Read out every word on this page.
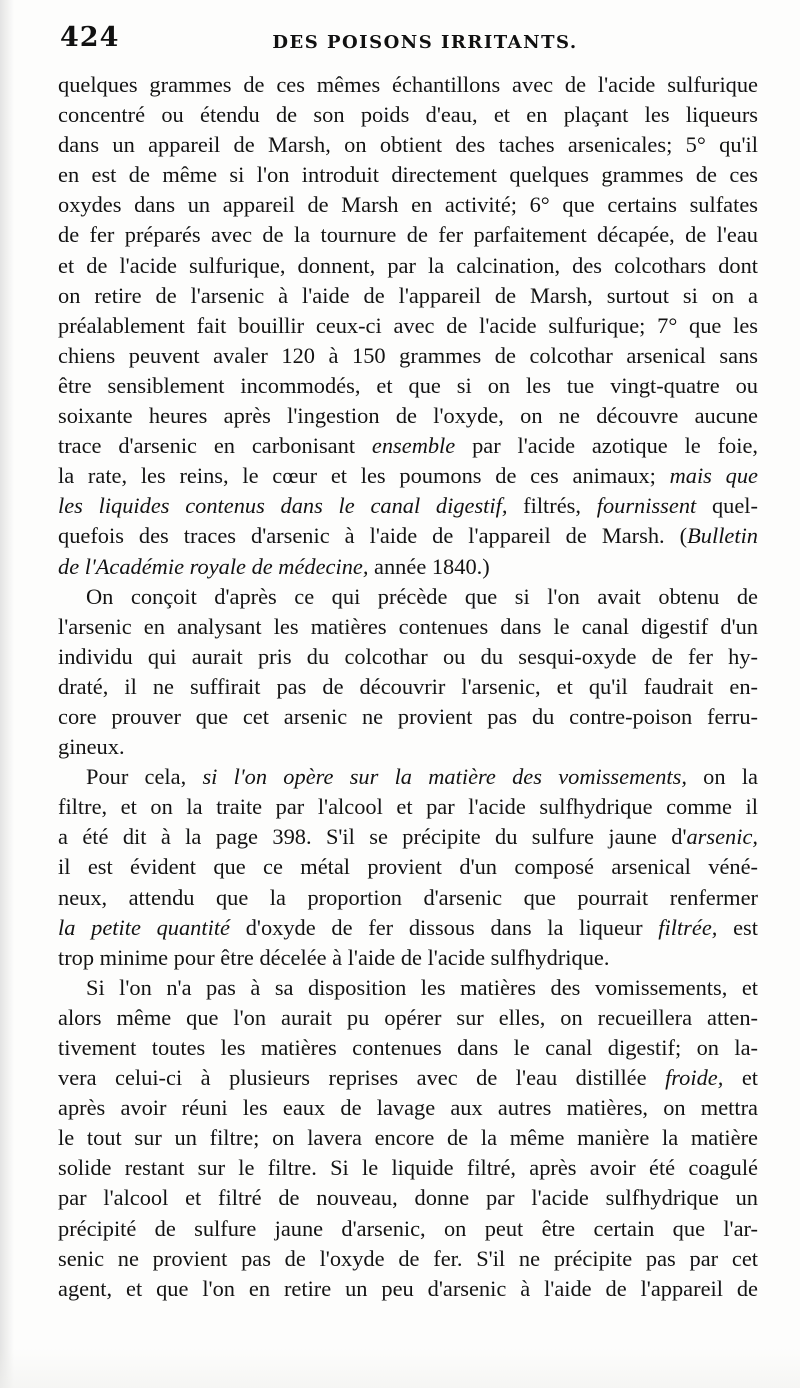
424	DES POISONS IRRITANTS.
quelques grammes de ces mêmes échantillons avec de l'acide sulfurique
concentré ou étendu de son poids d'eau, et en plaçant les liqueurs
dans un appareil de Marsh, on obtient des taches arsenicales; 5° qu'il
en est de même si l'on introduit directement quelques grammes de ces
oxydes dans un appareil de Marsh en activité; 6° que certains sulfates
de fer préparés avec de la tournure de fer parfaitement décapée, de l'eau
et de l'acide sulfurique, donnent, par la calcination, des colcothars dont
on retire de l'arsenic à l'aide de l'appareil de Marsh, surtout si on a
préalablement fait bouillir ceux-ci avec de l'acide sulfurique; 7° que les
chiens peuvent avaler 120 à 150 grammes de colcothar arsenical sans
être sensiblement incommodés, et que si on les tue vingt-quatre ou
soixante heures après l'ingestion de l'oxyde, on ne découvre aucune
trace d'arsenic en carbonisant ensemble par l'acide azotique le foie,
la rate, les reins, le cœur et les poumons de ces animaux; mais que
les liquides contenus dans le canal digestif, filtrés, fournissent quel-
quefois des traces d'arsenic à l'aide de l'appareil de Marsh. (Bulletin
de l'Académie royale de médecine, année 1840.)
On conçoit d'après ce qui précède que si l'on avait obtenu de
l'arsenic en analysant les matières contenues dans le canal digestif d'un
individu qui aurait pris du colcothar ou du sesqui-oxyde de fer hy-
draté, il ne suffirait pas de découvrir l'arsenic, et qu'il faudrait en-
core prouver que cet arsenic ne provient pas du contre-poison ferru-
gineux.
Pour cela, si l'on opère sur la matière des vomissements, on la
filtre, et on la traite par l'alcool et par l'acide sulfhydrique comme il
a été dit à la page 398. S'il se précipite du sulfure jaune d'arsenic,
il est évident que ce métal provient d'un composé arsenical véné-
neux, attendu que la proportion d'arsenic que pourrait renfermer
la petite quantité d'oxyde de fer dissous dans la liqueur filtrée, est
trop minime pour être décelée à l'aide de l'acide sulfhydrique.
Si l'on n'a pas à sa disposition les matières des vomissements, et
alors même que l'on aurait pu opérer sur elles, on recueillera atten-
tivement toutes les matières contenues dans le canal digestif; on la-
vera celui-ci à plusieurs reprises avec de l'eau distillée froide, et
après avoir réuni les eaux de lavage aux autres matières, on mettra
le tout sur un filtre; on lavera encore de la même manière la matière
solide restant sur le filtre. Si le liquide filtré, après avoir été coagulé
par l'alcool et filtré de nouveau, donne par l'acide sulfhydrique un
précipité de sulfure jaune d'arsenic, on peut être certain que l'ar-
senic ne provient pas de l'oxyde de fer. S'il ne précipite pas par cet
agent, et que l'on en retire un peu d'arsenic à l'aide de l'appareil de
